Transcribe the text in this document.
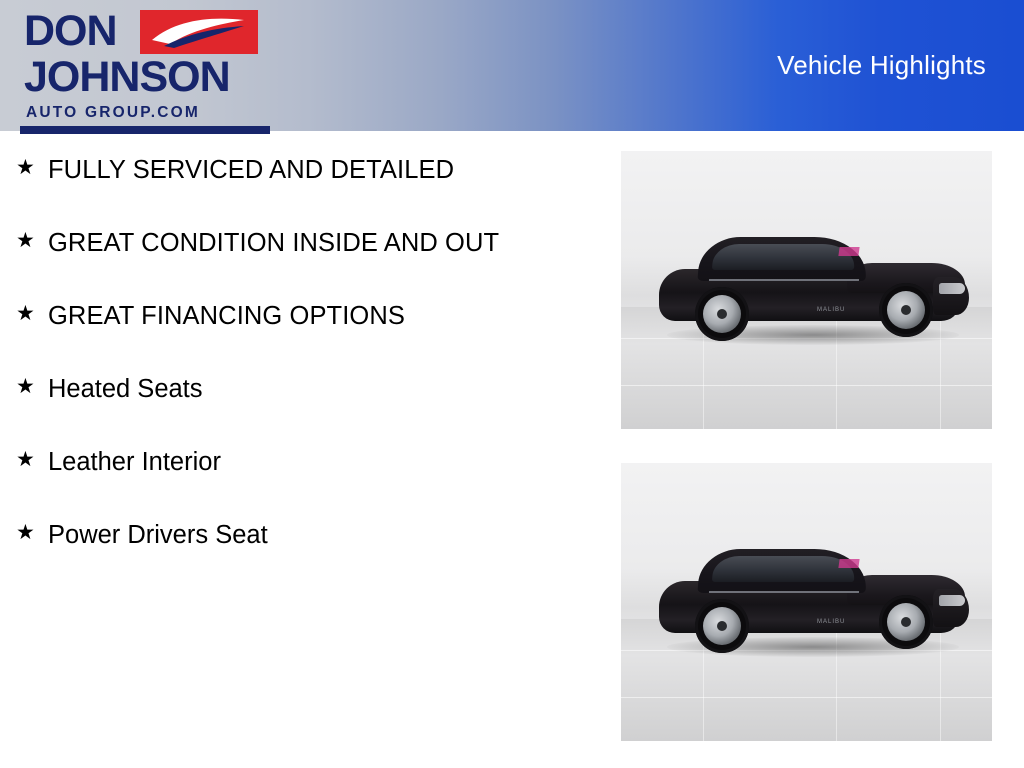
DON
JOHNSON
AUTO GROUP.COM
Vehicle Highlights
★ FULLY SERVICED AND DETAILED
★ GREAT CONDITION INSIDE AND OUT
★ GREAT FINANCING OPTIONS
★ Heated Seats
★ Leather Interior
★ Power Drivers Seat
MALIBU
MALIBU
